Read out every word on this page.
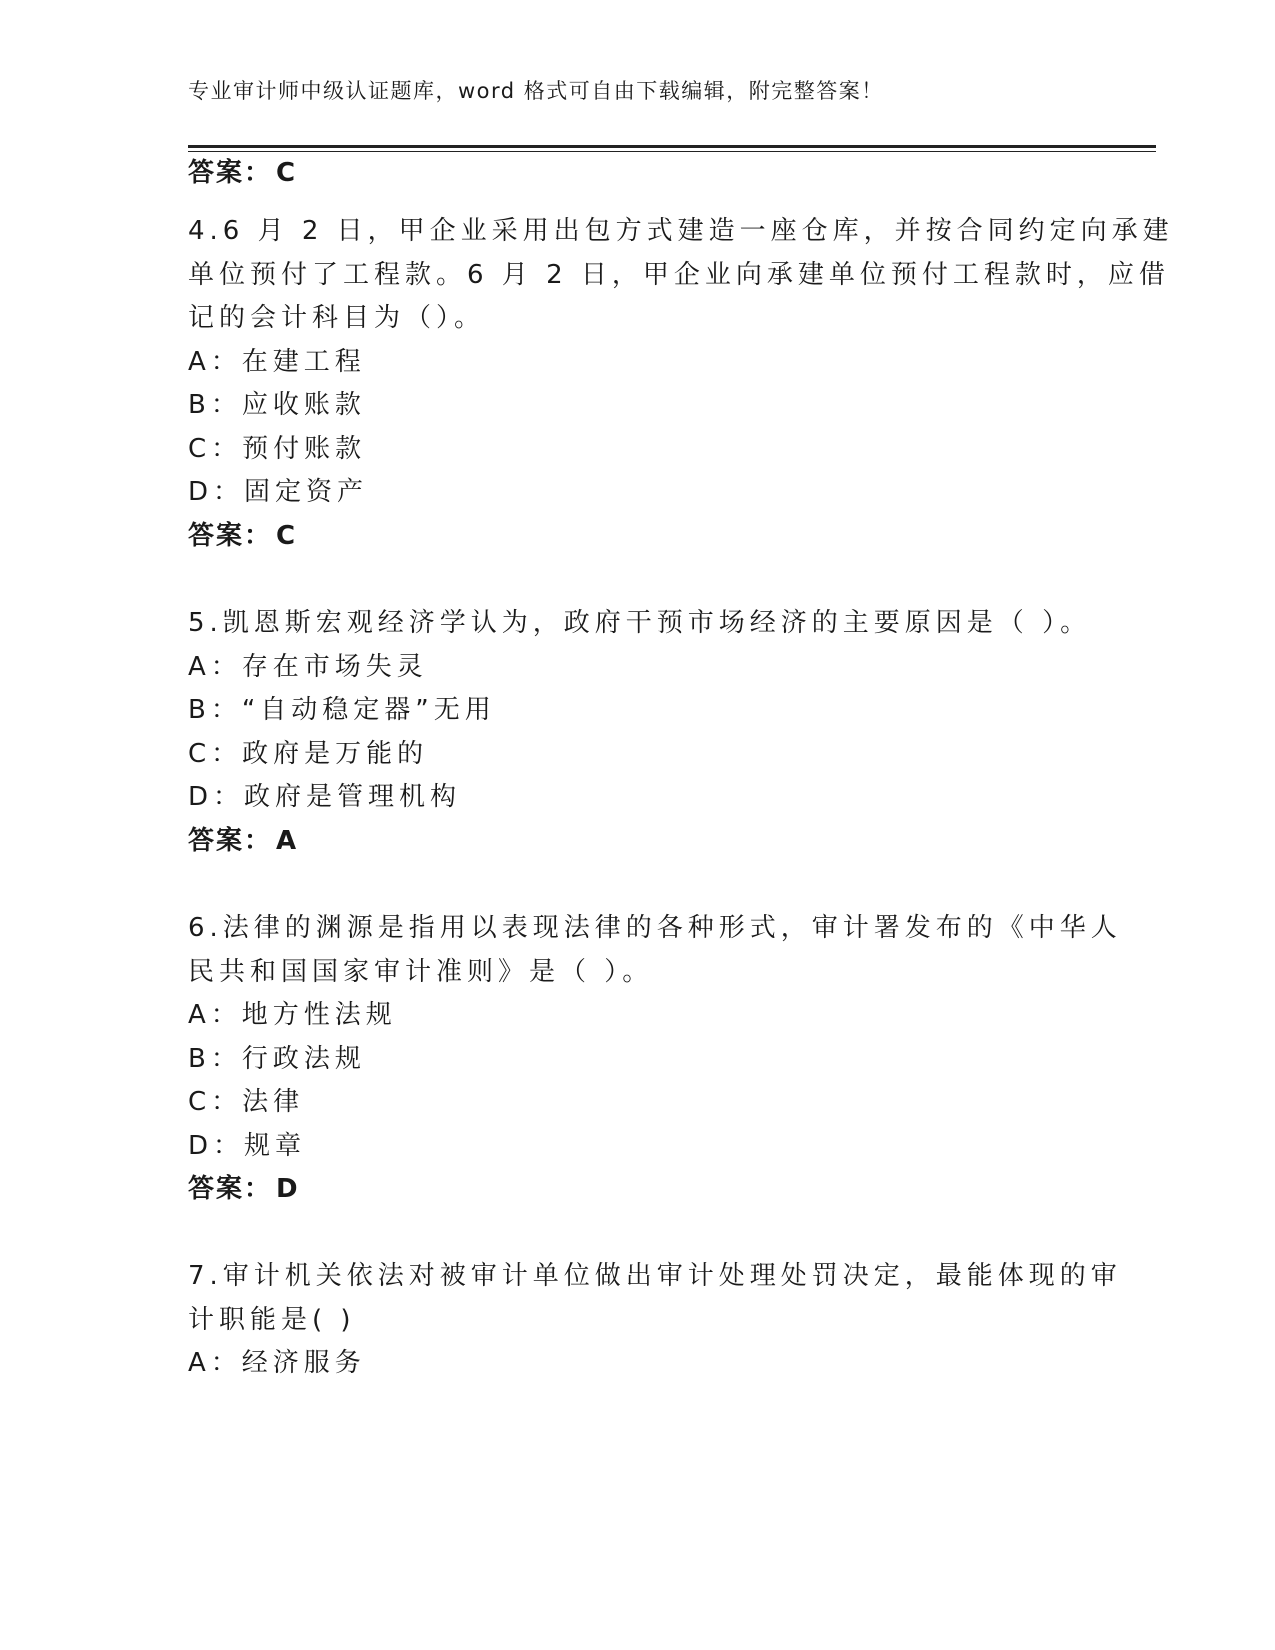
专业审计师中级认证题库，word 格式可自由下载编辑，附完整答案！
答案： C
4.6 月 2 日，甲企业采用出包方式建造一座仓库，并按合同约定向承建
单位预付了工程款。6 月 2 日，甲企业向承建单位预付工程款时，应借
记的会计科目为（）。
A：在建工程
B：应收账款
C：预付账款
D：固定资产
答案： C
5.凯恩斯宏观经济学认为，政府干预市场经济的主要原因是（ ）。
A：存在市场失灵
B：“自动稳定器”无用
C：政府是万能的
D：政府是管理机构
答案： A
6.法律的渊源是指用以表现法律的各种形式，审计署发布的《中华人
民共和国国家审计准则》是（ ）。
A：地方性法规
B：行政法规
C：法律
D：规章
答案： D
7.审计机关依法对被审计单位做出审计处理处罚决定，最能体现的审
计职能是( )
A：经济服务
